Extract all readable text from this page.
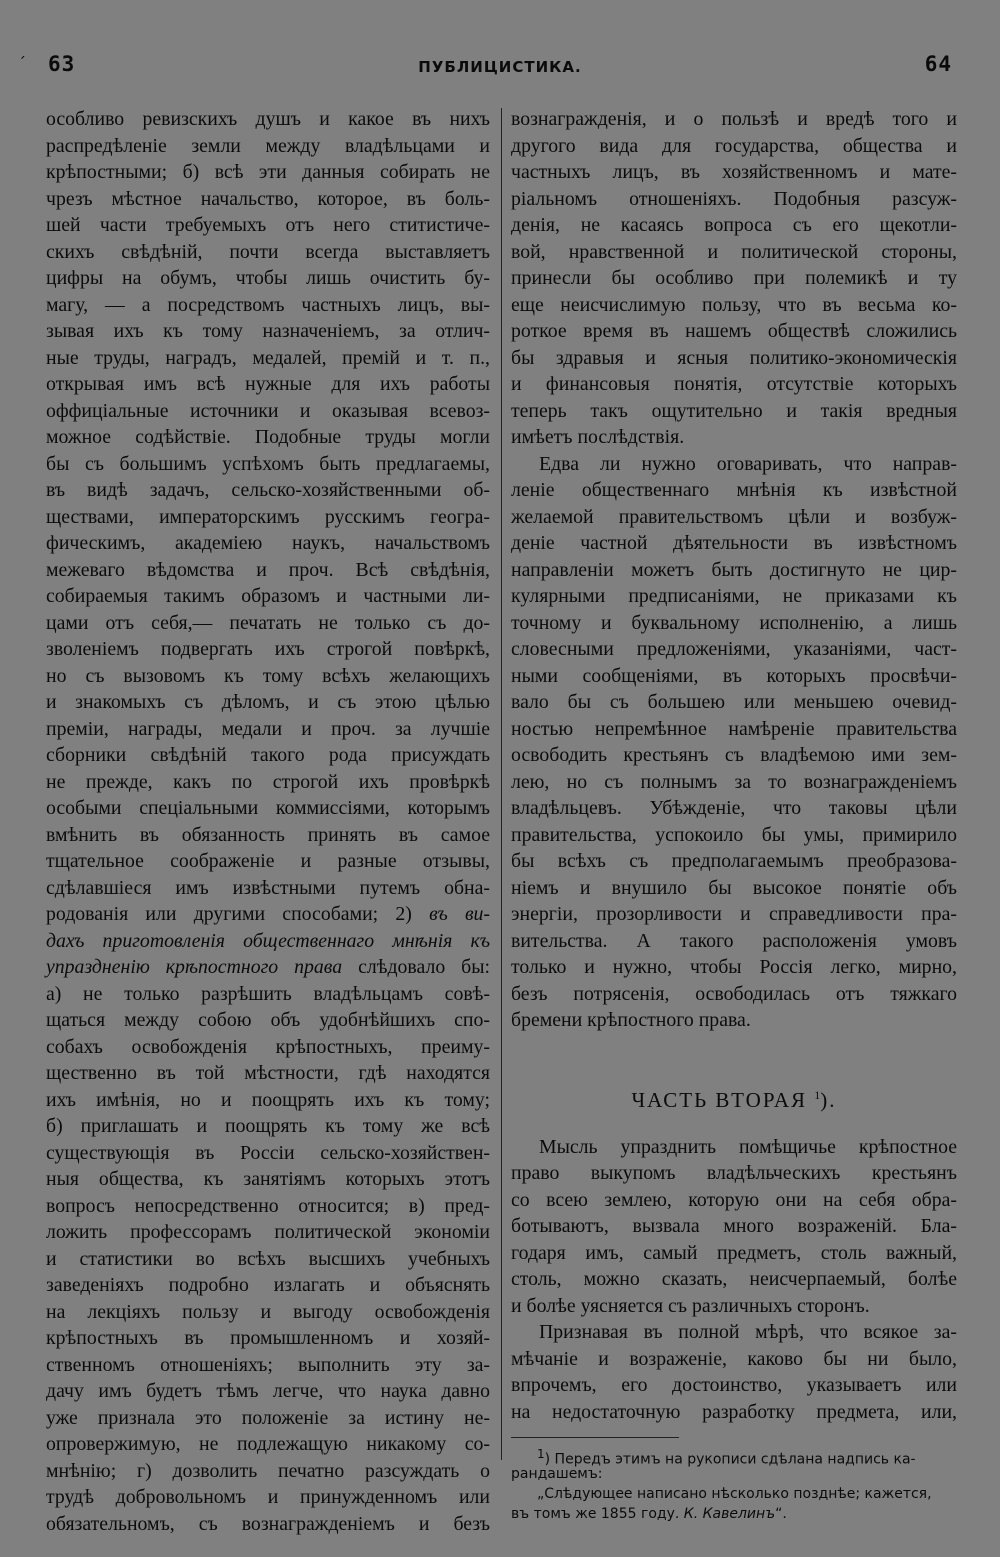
ˊ 63	ПУБЛИЦИСТИКА.	64
особливо ревизскихъ душъ и какое въ нихъ
распредѣленіе земли между владѣльцами и
крѣпостными; б) всѣ эти данныя собирать не
чрезъ мѣстное начальство, которое, въ боль-
шей части требуемыхъ отъ него ститистиче-
скихъ свѣдѣній, почти всегда выставляетъ
цифры на обумъ, чтобы лишь очистить бу-
магу, — а посредствомъ частныхъ лицъ, вы-
зывая ихъ къ тому назначеніемъ, за отлич-
ные труды, наградъ, медалей, премій и т. п.,
открывая имъ всѣ нужные для ихъ работы
оффиціальные источники и оказывая всевоз-
можное содѣйствіе. Подобные труды могли
бы съ большимъ успѣхомъ быть предлагаемы,
въ видѣ задачъ, сельско-хозяйственными об-
ществами, императорскимъ русскимъ геогра-
фическимъ, академіею наукъ, начальствомъ
межеваго вѣдомства и проч. Всѣ свѣдѣнія,
собираемыя такимъ образомъ и частными ли-
цами отъ себя,— печатать не только съ до-
зволеніемъ подвергать ихъ строгой повѣркѣ,
но съ вызовомъ къ тому всѣхъ желающихъ
и знакомыхъ съ дѣломъ, и съ этою цѣлью
преміи, награды, медали и проч. за лучшіе
сборники свѣдѣній такого рода присуждать
не прежде, какъ по строгой ихъ провѣркѣ
особыми спеціальными коммиссіями, которымъ
вмѣнить въ обязанность принять въ самое
тщательное соображеніе и разные отзывы,
сдѣлавшіеся имъ извѣстными путемъ обна-
родованія или другими способами; 2) въ ви-
дахъ приготовленія общественнаго мнѣнія къ
упраздненію крѣпостного права слѣдовало бы:
а) не только разрѣшить владѣльцамъ совѣ-
щаться между собою объ удобнѣйшихъ спо-
собахъ освобожденія крѣпостныхъ, преиму-
щественно въ той мѣстности, гдѣ находятся
ихъ имѣнія, но и поощрять ихъ къ тому;
б) приглашать и поощрять къ тому же всѣ
существующія въ Россіи сельско-хозяйствен-
ныя общества, къ занятіямъ которыхъ этотъ
вопросъ непосредственно относится; в) пред-
ложить профессорамъ политической экономіи
и статистики во всѣхъ высшихъ учебныхъ
заведеніяхъ подробно излагать и объяснять
на лекціяхъ пользу и выгоду освобожденія
крѣпостныхъ въ промышленномъ и хозяй-
ственномъ отношеніяхъ; выполнить эту за-
дачу имъ будетъ тѣмъ легче, что наука давно
уже признала это положеніе за истину не-
опровержимую, не подлежащую никакому со-
мнѣнію; г) дозволить печатно разсуждать о
трудѣ добровольномъ и принужденномъ или
обязательномъ, съ вознагражденіемъ и безъ
вознагражденія, и о пользѣ и вредѣ того и
другого вида для государства, общества и
частныхъ лицъ, въ хозяйственномъ и мате-
ріальномъ отношеніяхъ. Подобныя разсуж-
денія, не касаясь вопроса съ его щекотли-
вой, нравственной и политической стороны,
принесли бы особливо при полемикѣ и ту
еще неисчислимую пользу, что въ весьма ко-
роткое время въ нашемъ обществѣ сложились
бы здравыя и ясныя политико-экономическія
и финансовыя понятія, отсутствіе которыхъ
теперь такъ ощутительно и такія вредныя
имѣетъ послѣдствія.
Едва ли нужно оговаривать, что направ-
леніе общественнаго мнѣнія къ извѣстной
желаемой правительствомъ цѣли и возбуж-
деніе частной дѣятельности въ извѣстномъ
направленіи можетъ быть достигнуто не цир-
кулярными предписаніями, не приказами къ
точному и буквальному исполненію, а лишь
словесными предложеніями, указаніями, част-
ными сообщеніями, въ которыхъ просвѣчи-
вало бы съ большею или меньшею очевид-
ностью непремѣнное намѣреніе правительства
освободить крестьянъ съ владѣемою ими зем-
лею, но съ полнымъ за то вознагражденіемъ
владѣльцевъ. Убѣжденіе, что таковы цѣли
правительства, успокоило бы умы, примирило
бы всѣхъ съ предполагаемымъ преобразова-
ніемъ и внушило бы высокое понятіе объ
энергіи, прозорливости и справедливости пра-
вительства. А такого расположенія умовъ
только и нужно, чтобы Россія легко, мирно,
безъ потрясенія, освободилась отъ тяжкаго
бремени крѣпостного права.
ЧАСТЬ ВТОРАЯ $^1$).
Мысль упразднить помѣщичье крѣпостное
право выкупомъ владѣльческихъ крестьянъ
со всею землею, которую они на себя обра-
ботываютъ, вызвала много возраженій. Бла-
годаря имъ, самый предметъ, столь важный,
столь, можно сказать, неисчерпаемый, болѣе
и болѣе уясняется съ различныхъ сторонъ.
Признавая въ полной мѣрѣ, что всякое за-
мѣчаніе и возраженіе, каково бы ни было,
впрочемъ, его достоинство, указываетъ или
на недостаточную разработку предмета, или,
1) Передъ этимъ на рукописи сдѣлана надпись ка-
рандашемъ:
„Слѣдующее написано нѣсколько позднѣе; кажется,
въ томъ же 1855 году. К. Кавелинъ“.
